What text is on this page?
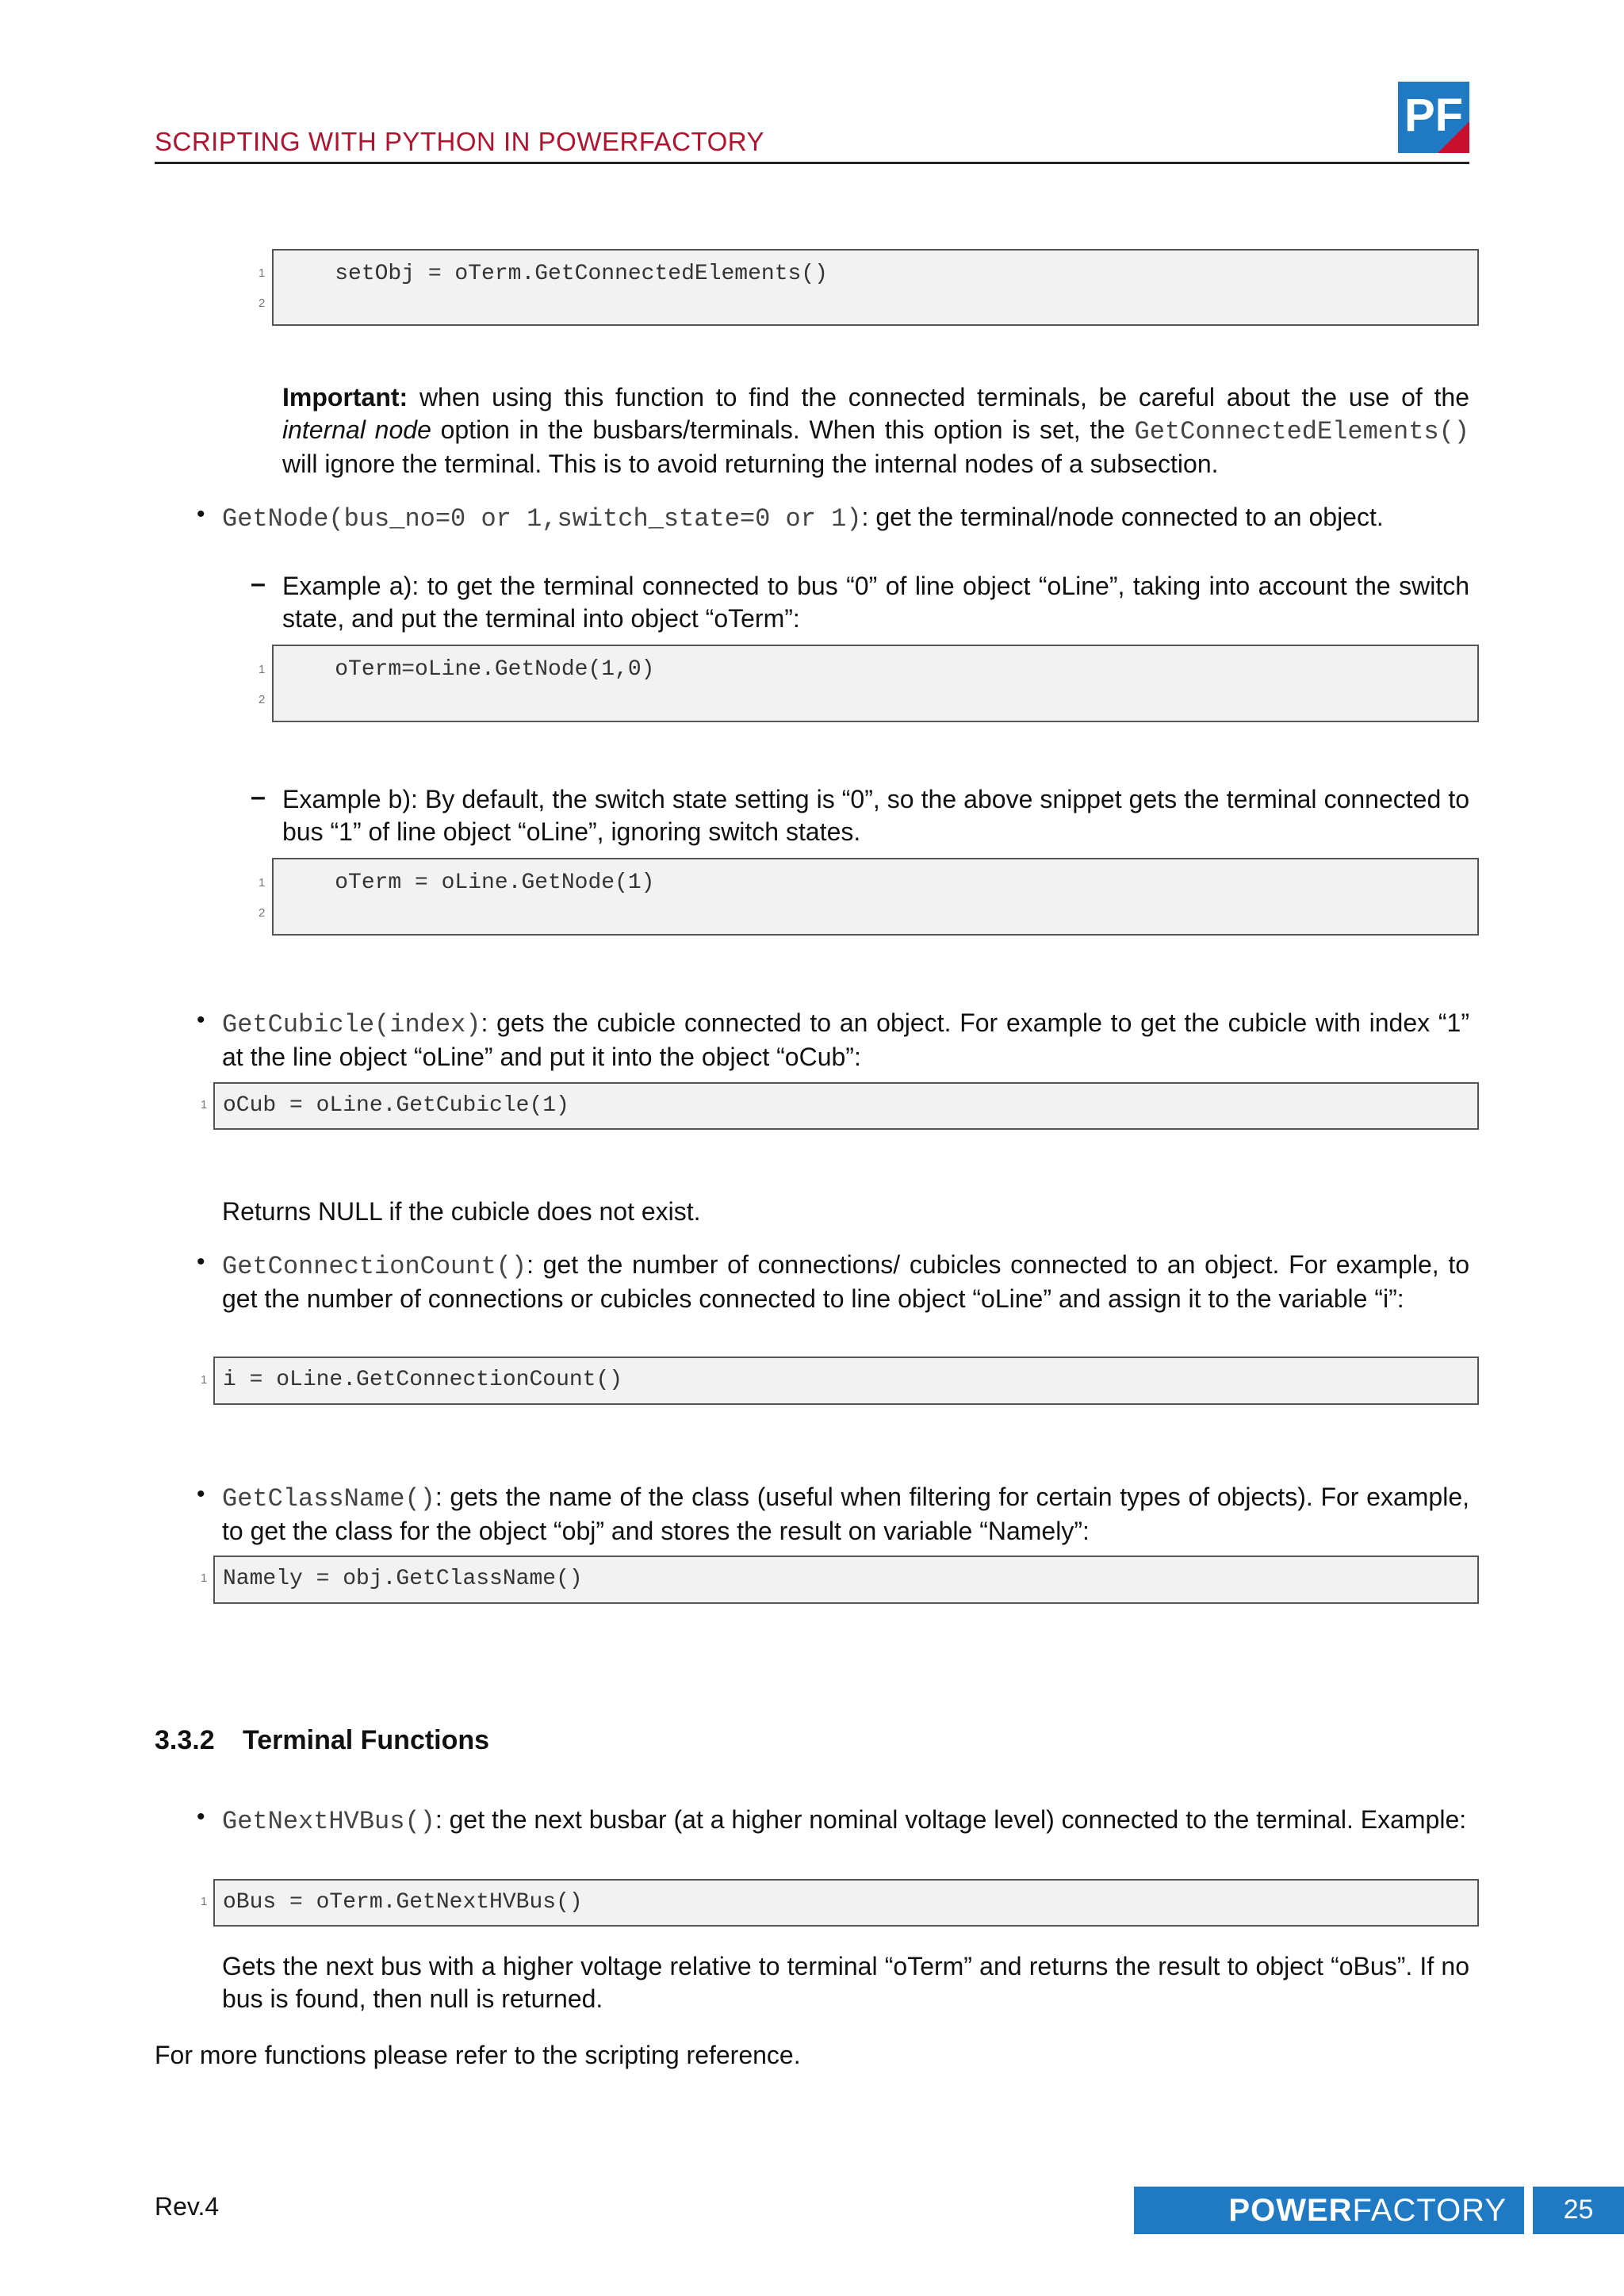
SCRIPTING WITH PYTHON IN POWERFACTORY
PF
1
2
setObj = oTerm.GetConnectedElements()
Important: when using this function to find the connected terminals, be careful about the use of the internal node option in the busbars/terminals. When this option is set, the GetConnectedElements() will ignore the terminal. This is to avoid returning the internal nodes of a subsection.
• GetNode(bus_no=0 or 1,switch_state=0 or 1): get the terminal/node connected to an object.
– Example a): to get the terminal connected to bus “0” of line object “oLine”, taking into account the switch state, and put the terminal into object “oTerm”:
1
2
oTerm=oLine.GetNode(1,0)
– Example b): By default, the switch state setting is “0”, so the above snippet gets the terminal connected to bus “1” of line object “oLine”, ignoring switch states.
1
2
oTerm = oLine.GetNode(1)
• GetCubicle(index): gets the cubicle connected to an object. For example to get the cubicle with index “1” at the line object “oLine” and put it into the object “oCub”:
1 oCub = oLine.GetCubicle(1)
Returns NULL if the cubicle does not exist.
• GetConnectionCount(): get the number of connections/ cubicles connected to an object. For example, to get the number of connections or cubicles connected to line object “oLine” and assign it to the variable “i”:
1 i = oLine.GetConnectionCount()
• GetClassName(): gets the name of the class (useful when filtering for certain types of objects). For example, to get the class for the object “obj” and stores the result on variable “Namely”:
1 Namely = obj.GetClassName()
3.3.2 Terminal Functions
• GetNextHVBus(): get the next busbar (at a higher nominal voltage level) connected to the terminal. Example:
1 oBus = oTerm.GetNextHVBus()
Gets the next bus with a higher voltage relative to terminal “oTerm” and returns the result to object “oBus”. If no bus is found, then null is returned.
For more functions please refer to the scripting reference.
Rev.4	POWERFACTORY	25
